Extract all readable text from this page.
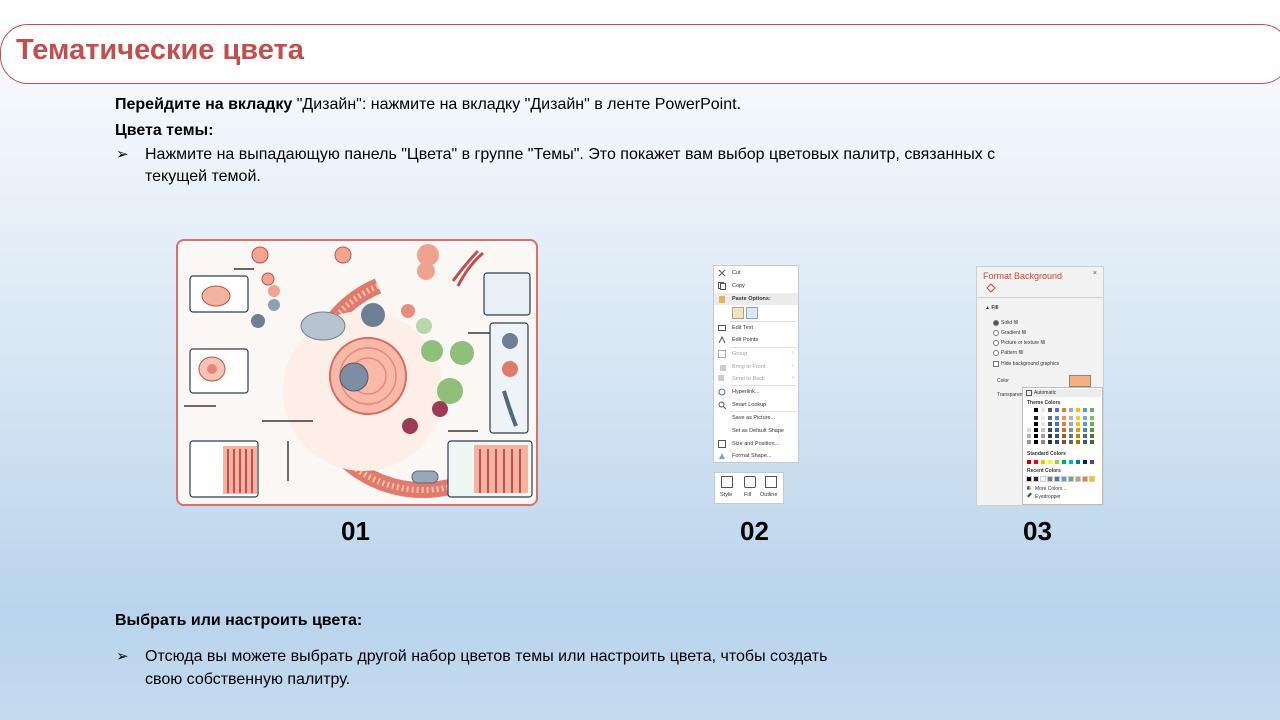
Тематические цвета
Перейдите на вкладку "Дизайн": нажмите на вкладку "Дизайн" в ленте PowerPoint.
Цвета темы:
➢ Нажмите на выпадающую панель "Цвета" в группе "Темы". Это покажет вам выбор цветовых палитр, связанных с
текущей темой.
Cut
Copy
Paste Options:
Edit Text
Edit Points
Group	›
Bring to Front	›
Send to Back	›
Hyperlink...
Smart Lookup
Save as Picture...
Set as Default Shape
Size and Position...
Format Shape...
Style Fill Outline
Format Background	×
▲ Fill
Solid fill
Gradient fill
Picture or texture fill
Pattern fill
Hide background graphics
Color
Transparen Automatic
Theme Colors
Standard Colors
Recent Colors
More Colors...
Eyedropper
01	02	03
Выбрать или настроить цвета:
➢ Отсюда вы можете выбрать другой набор цветов темы или настроить цвета, чтобы создать
свою собственную палитру.
